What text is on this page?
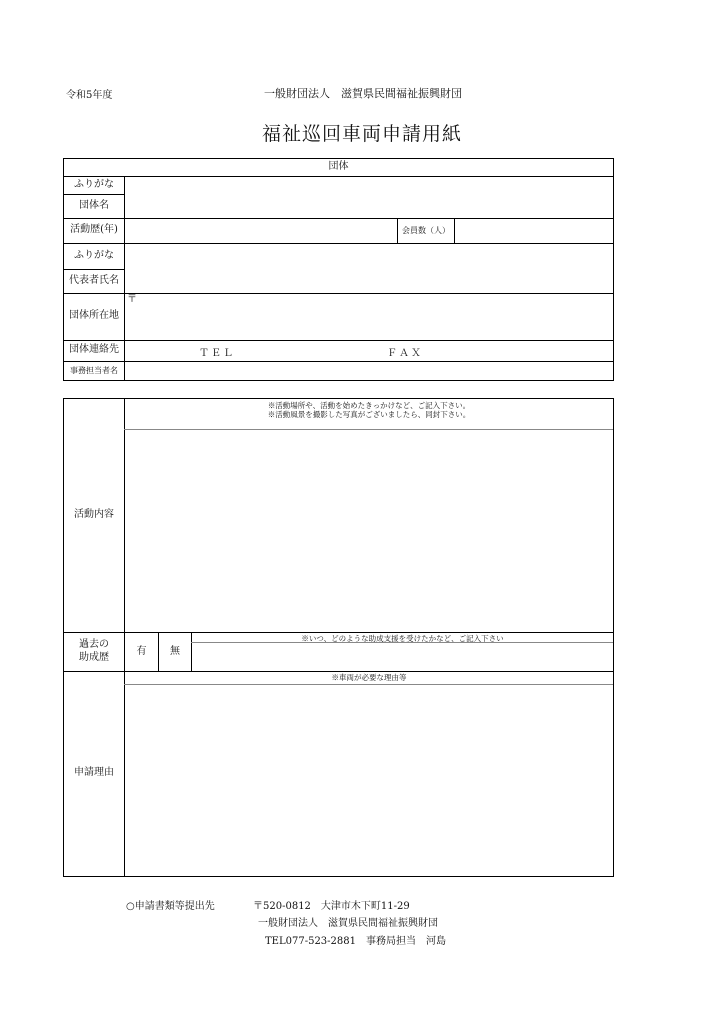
令和5年度	一般財団法人　滋賀県民間福祉振興財団
福祉巡回車両申請用紙
団体
ふりがな
団体名
活動歴(年)	会員数（人）
ふりがな
代表者氏名
団体所在地
〒
団体連絡先	ＴＥＬ	ＦＡＸ
事務担当者名
活動内容
※活動場所や、活動を始めたきっかけなど、ご記入下さい。
※活動風景を撮影した写真がございましたら、同封下さい。
過去の
助成歴
有	無
※いつ、どのような助成支援を受けたかなど、ご記入下さい
申請理由
※車両が必要な理由等
○申請書類等提出先	〒520-0812　大津市木下町11-29
一般財団法人　滋賀県民間福祉振興財団
TEL077-523-2881　事務局担当　河島
